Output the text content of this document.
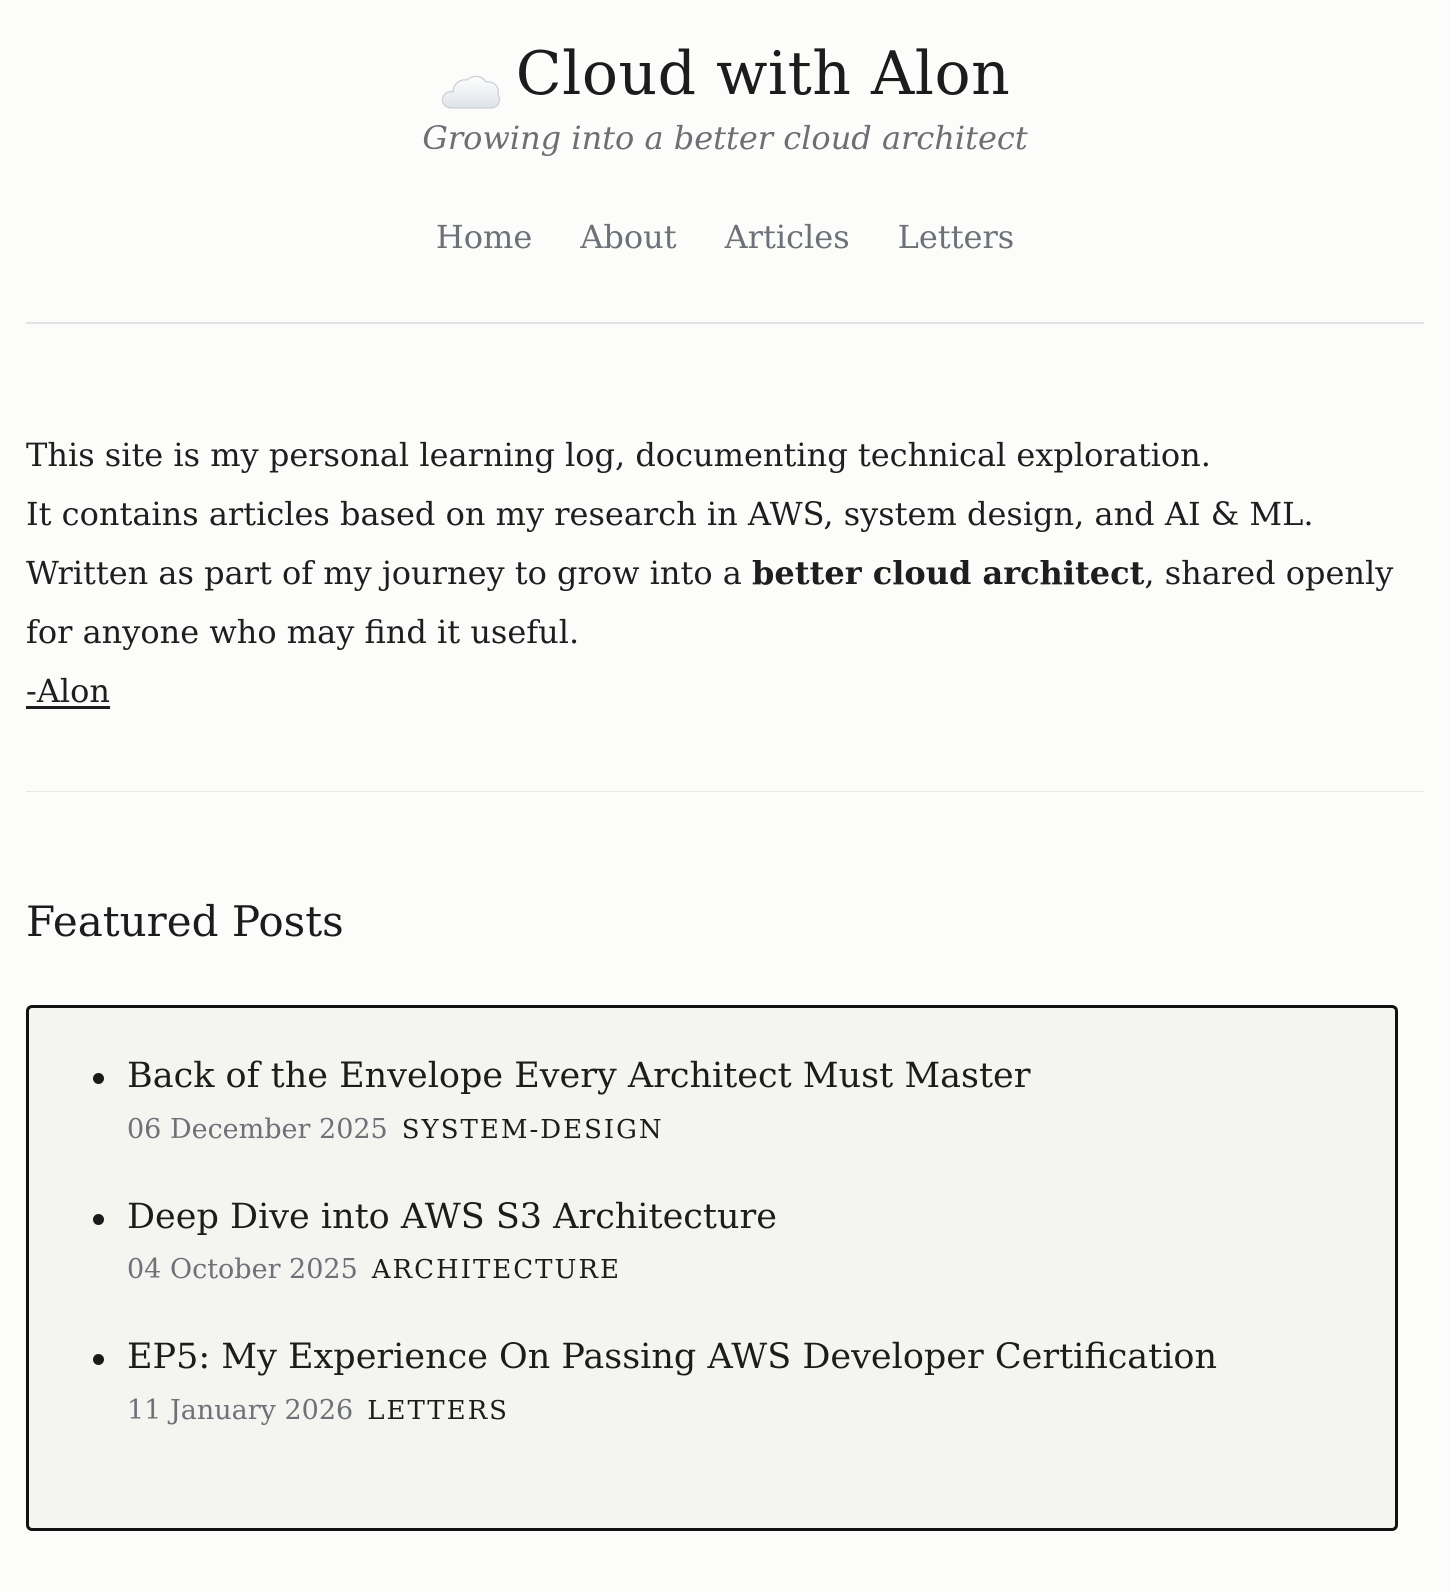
Cloud with Alon
Growing into a better cloud architect
Home About Articles Letters

This site is my personal learning log, documenting technical exploration.

It contains articles based on my research in AWS, system design, and AI & ML.

Written as part of my journey to grow into a better cloud architect, shared openly for anyone who may find it useful.

-Alon

Featured Posts
Back of the Envelope Every Architect Must Master
06 December 2025 SYSTEM-DESIGN
Deep Dive into AWS S3 Architecture
04 October 2025 ARCHITECTURE
EP5: My Experience On Passing AWS Developer Certification
11 January 2026 LETTERS
